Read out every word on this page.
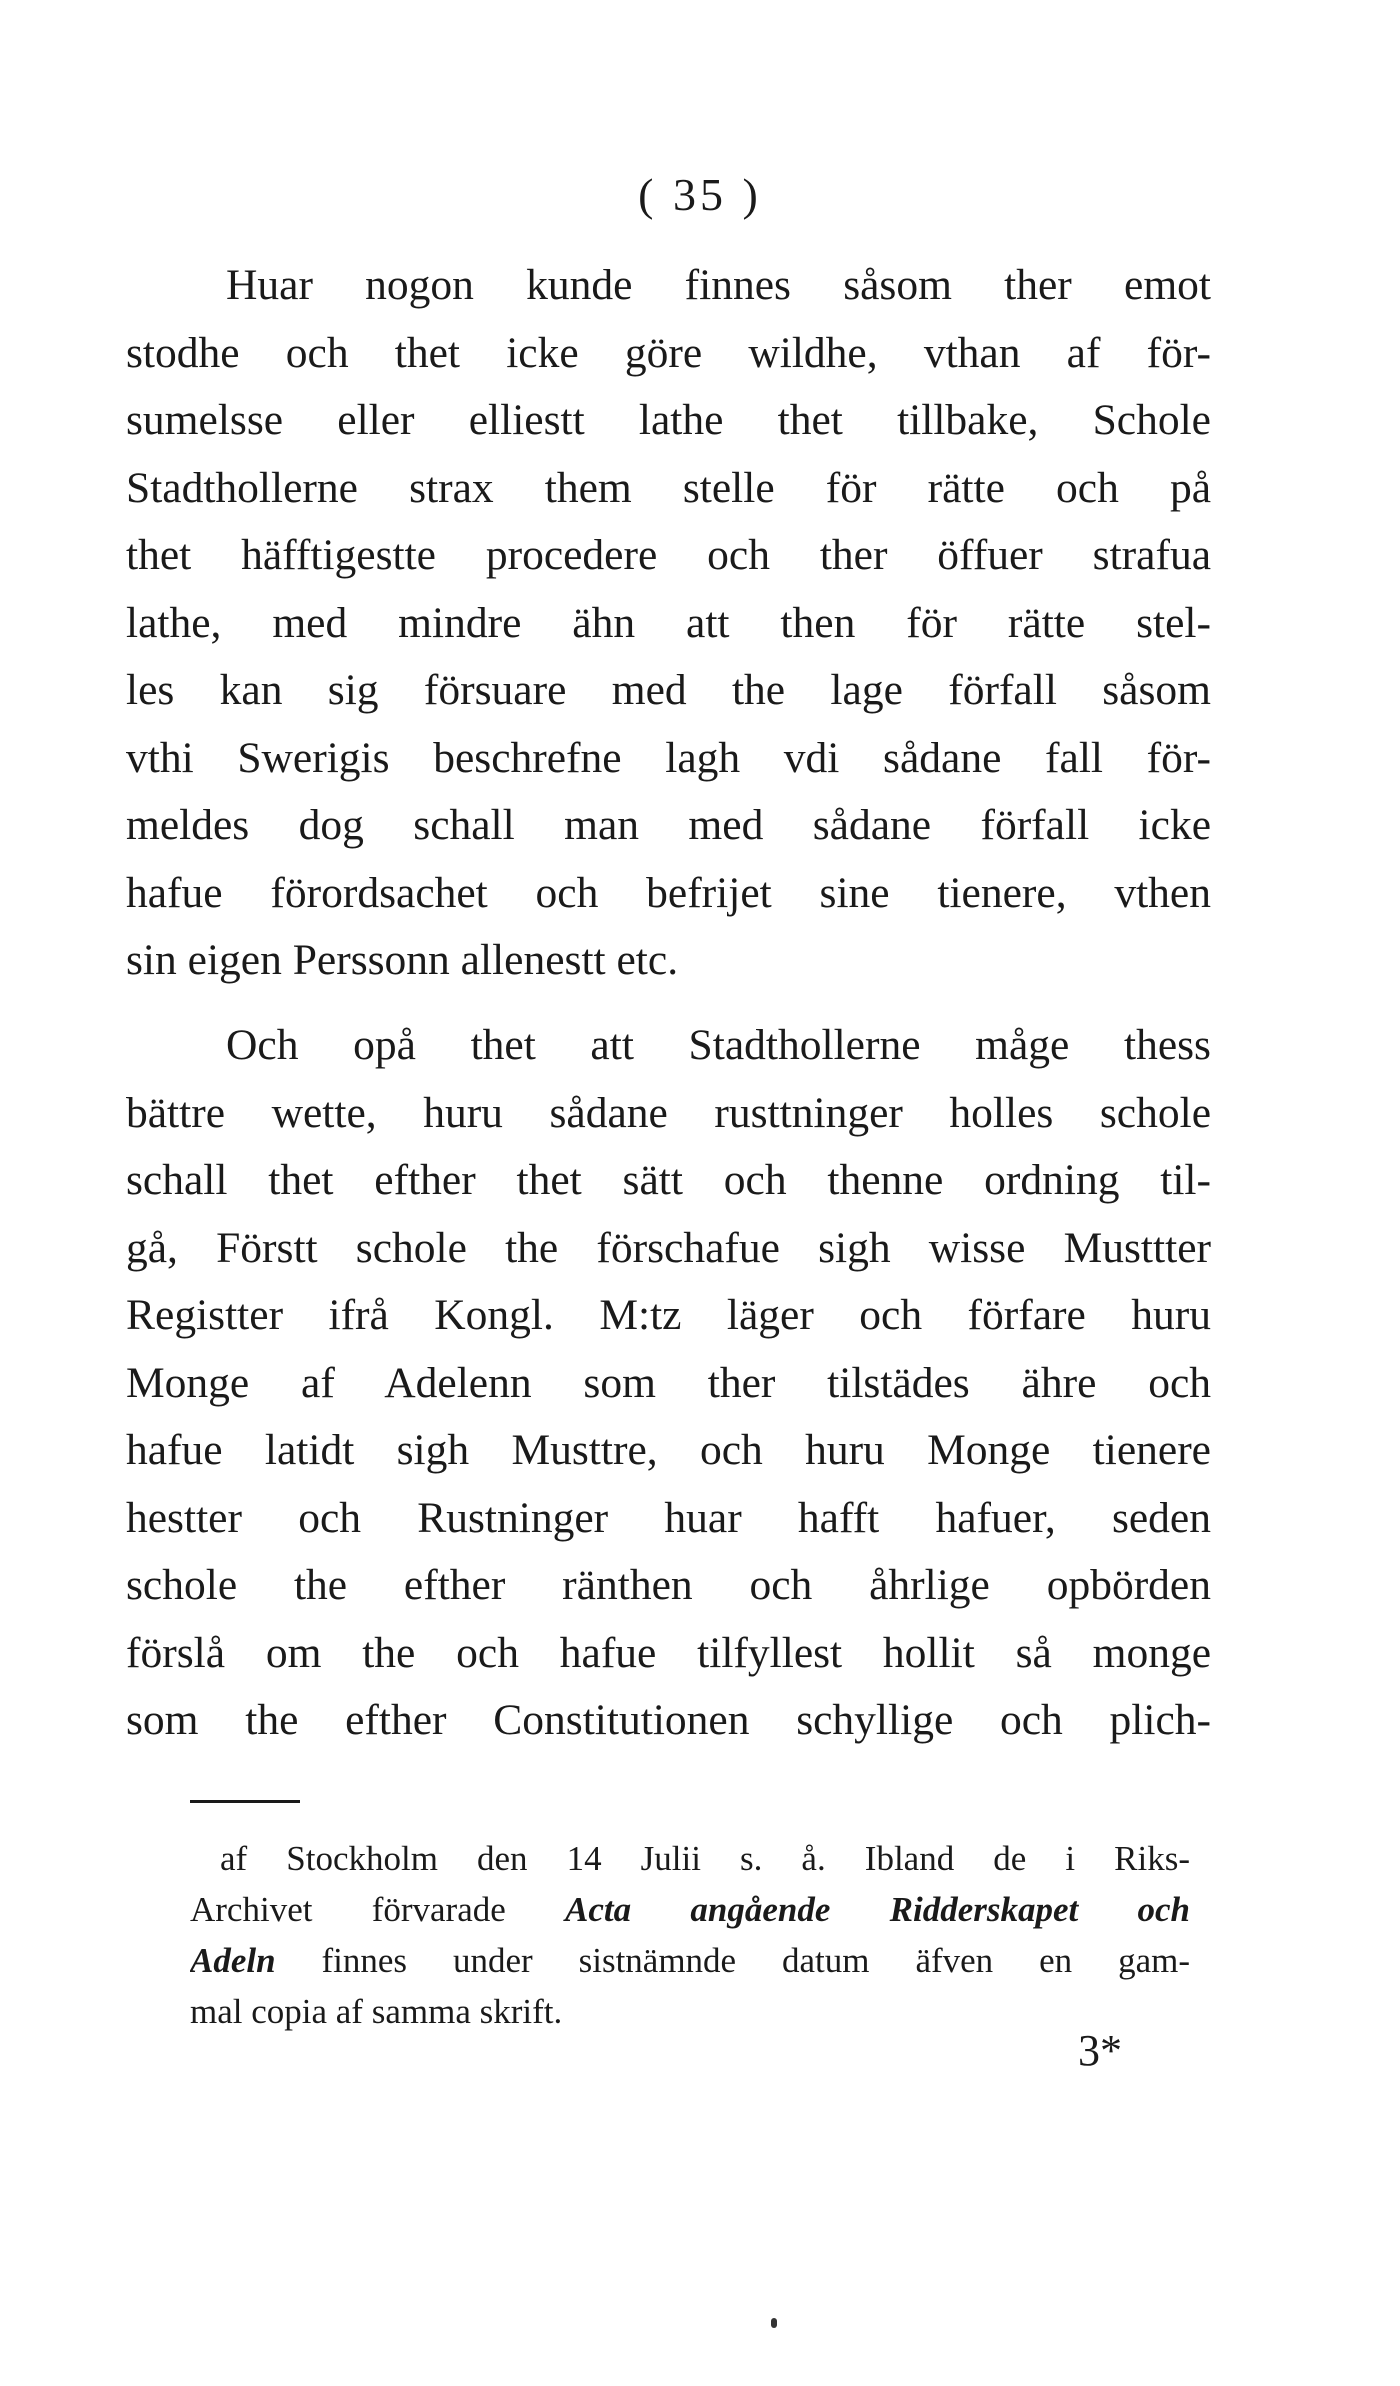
( 35 )
Huar nogon kunde finnes såsom ther emot
stodhe och thet icke göre wildhe, vthan af för-
sumelsse eller elliestt lathe thet tillbake, Schole
Stadthollerne strax them stelle för rätte och på
thet häfftigestte procedere och ther öffuer strafua
lathe, med mindre ähn att then för rätte stel-
les kan sig försuare med the lage förfall såsom
vthi Swerigis beschrefne lagh vdi sådane fall för-
meldes dog schall man med sådane förfall icke
hafue förordsachet och befrijet sine tienere, vthen
sin eigen Perssonn allenestt etc.
Och opå thet att Stadthollerne måge thess
bättre wette, huru sådane rusttninger holles schole
schall thet efther thet sätt och thenne ordning til-
gå, Förstt schole the förschafue sigh wisse Musttter
Registter ifrå Kongl. M:tz läger och förfare huru
Monge af Adelenn som ther tilstädes ähre och
hafue latidt sigh Musttre, och huru Monge tienere
hestter och Rustninger huar hafft hafuer, seden
schole the efther ränthen och åhrlige opbörden
förslå om the och hafue tilfyllest hollit så monge
som the efther Constitutionen schyllige och plich-
af Stockholm den 14 Julii s. å. Ibland de i Riks-
Archivet förvarade Acta angående Ridderskapet och
Adeln finnes under sistnämnde datum äfven en gam-
mal copia af samma skrift.
3*
